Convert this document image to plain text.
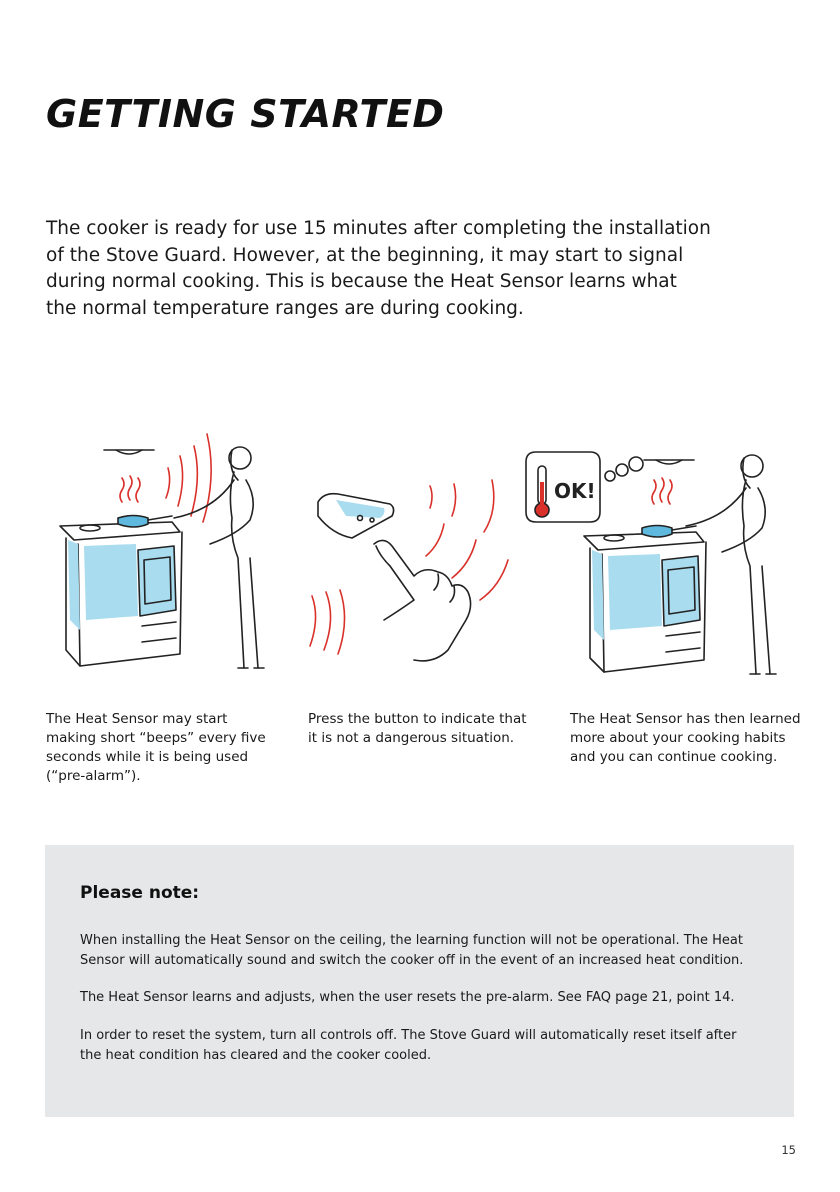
GETTING STARTED

The cooker is ready for use 15 minutes after completing the installation
of the Stove Guard. However, at the beginning, it may start to signal
during normal cooking. This is because the Heat Sensor learns what
the normal temperature ranges are during cooking.

OK!

The Heat Sensor may start
making short “beeps” every five
seconds while it is being used
(“pre-alarm”).

Press the button to indicate that
it is not a dangerous situation.

The Heat Sensor has then learned
more about your cooking habits
and you can continue cooking.

Please note:

When installing the Heat Sensor on the ceiling, the learning function will not be operational. The Heat
Sensor will automatically sound and switch the cooker off in the event of an increased heat condition.

The Heat Sensor learns and adjusts, when the user resets the pre-alarm. See FAQ page 21, point 14.

In order to reset the system, turn all controls off. The Stove Guard will automatically reset itself after
the heat condition has cleared and the cooker cooled.

15
